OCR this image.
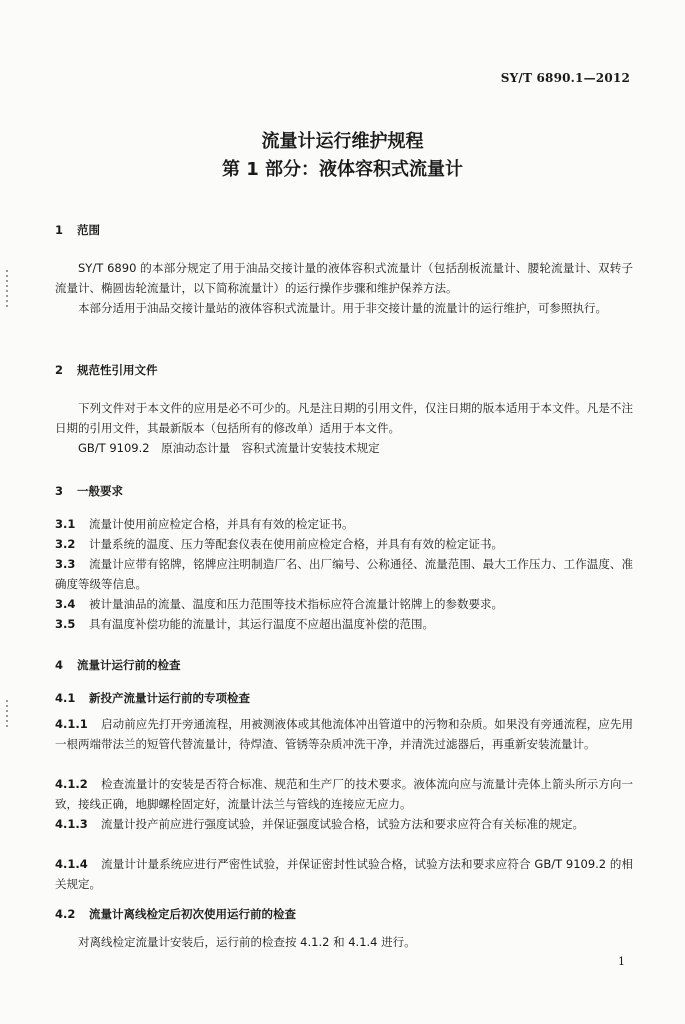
SY/T 6890.1—2012
流量计运行维护规程
第 1 部分：液体容积式流量计
1 范围
SY/T 6890 的本部分规定了用于油品交接计量的液体容积式流量计（包括刮板流量计、腰轮流量计、双转子流量计、椭圆齿轮流量计，以下简称流量计）的运行操作步骤和维护保养方法。
本部分适用于油品交接计量站的液体容积式流量计。用于非交接计量的流量计的运行维护，可参照执行。
2 规范性引用文件
下列文件对于本文件的应用是必不可少的。凡是注日期的引用文件，仅注日期的版本适用于本文件。凡是不注日期的引用文件，其最新版本（包括所有的修改单）适用于本文件。
GB/T 9109.2　原油动态计量　容积式流量计安装技术规定
3 一般要求
3.1 流量计使用前应检定合格，并具有有效的检定证书。
3.2 计量系统的温度、压力等配套仪表在使用前应检定合格，并具有有效的检定证书。
3.3 流量计应带有铭牌，铭牌应注明制造厂名、出厂编号、公称通径、流量范围、最大工作压力、工作温度、准确度等级等信息。
3.4 被计量油品的流量、温度和压力范围等技术指标应符合流量计铭牌上的参数要求。
3.5 具有温度补偿功能的流量计，其运行温度不应超出温度补偿的范围。
4 流量计运行前的检查
4.1 新投产流量计运行前的专项检查
4.1.1 启动前应先打开旁通流程，用被测液体或其他流体冲出管道中的污物和杂质。如果没有旁通流程，应先用一根两端带法兰的短管代替流量计，待焊渣、管锈等杂质冲洗干净，并清洗过滤器后，再重新安装流量计。
4.1.2 检查流量计的安装是否符合标准、规范和生产厂的技术要求。液体流向应与流量计壳体上箭头所示方向一致，接线正确，地脚螺栓固定好，流量计法兰与管线的连接应无应力。
4.1.3 流量计投产前应进行强度试验，并保证强度试验合格，试验方法和要求应符合有关标准的规定。
4.1.4 流量计计量系统应进行严密性试验，并保证密封性试验合格，试验方法和要求应符合 GB/T 9109.2 的相关规定。
4.2 流量计离线检定后初次使用运行前的检查
对离线检定流量计安装后，运行前的检查按 4.1.2 和 4.1.4 进行。
1
